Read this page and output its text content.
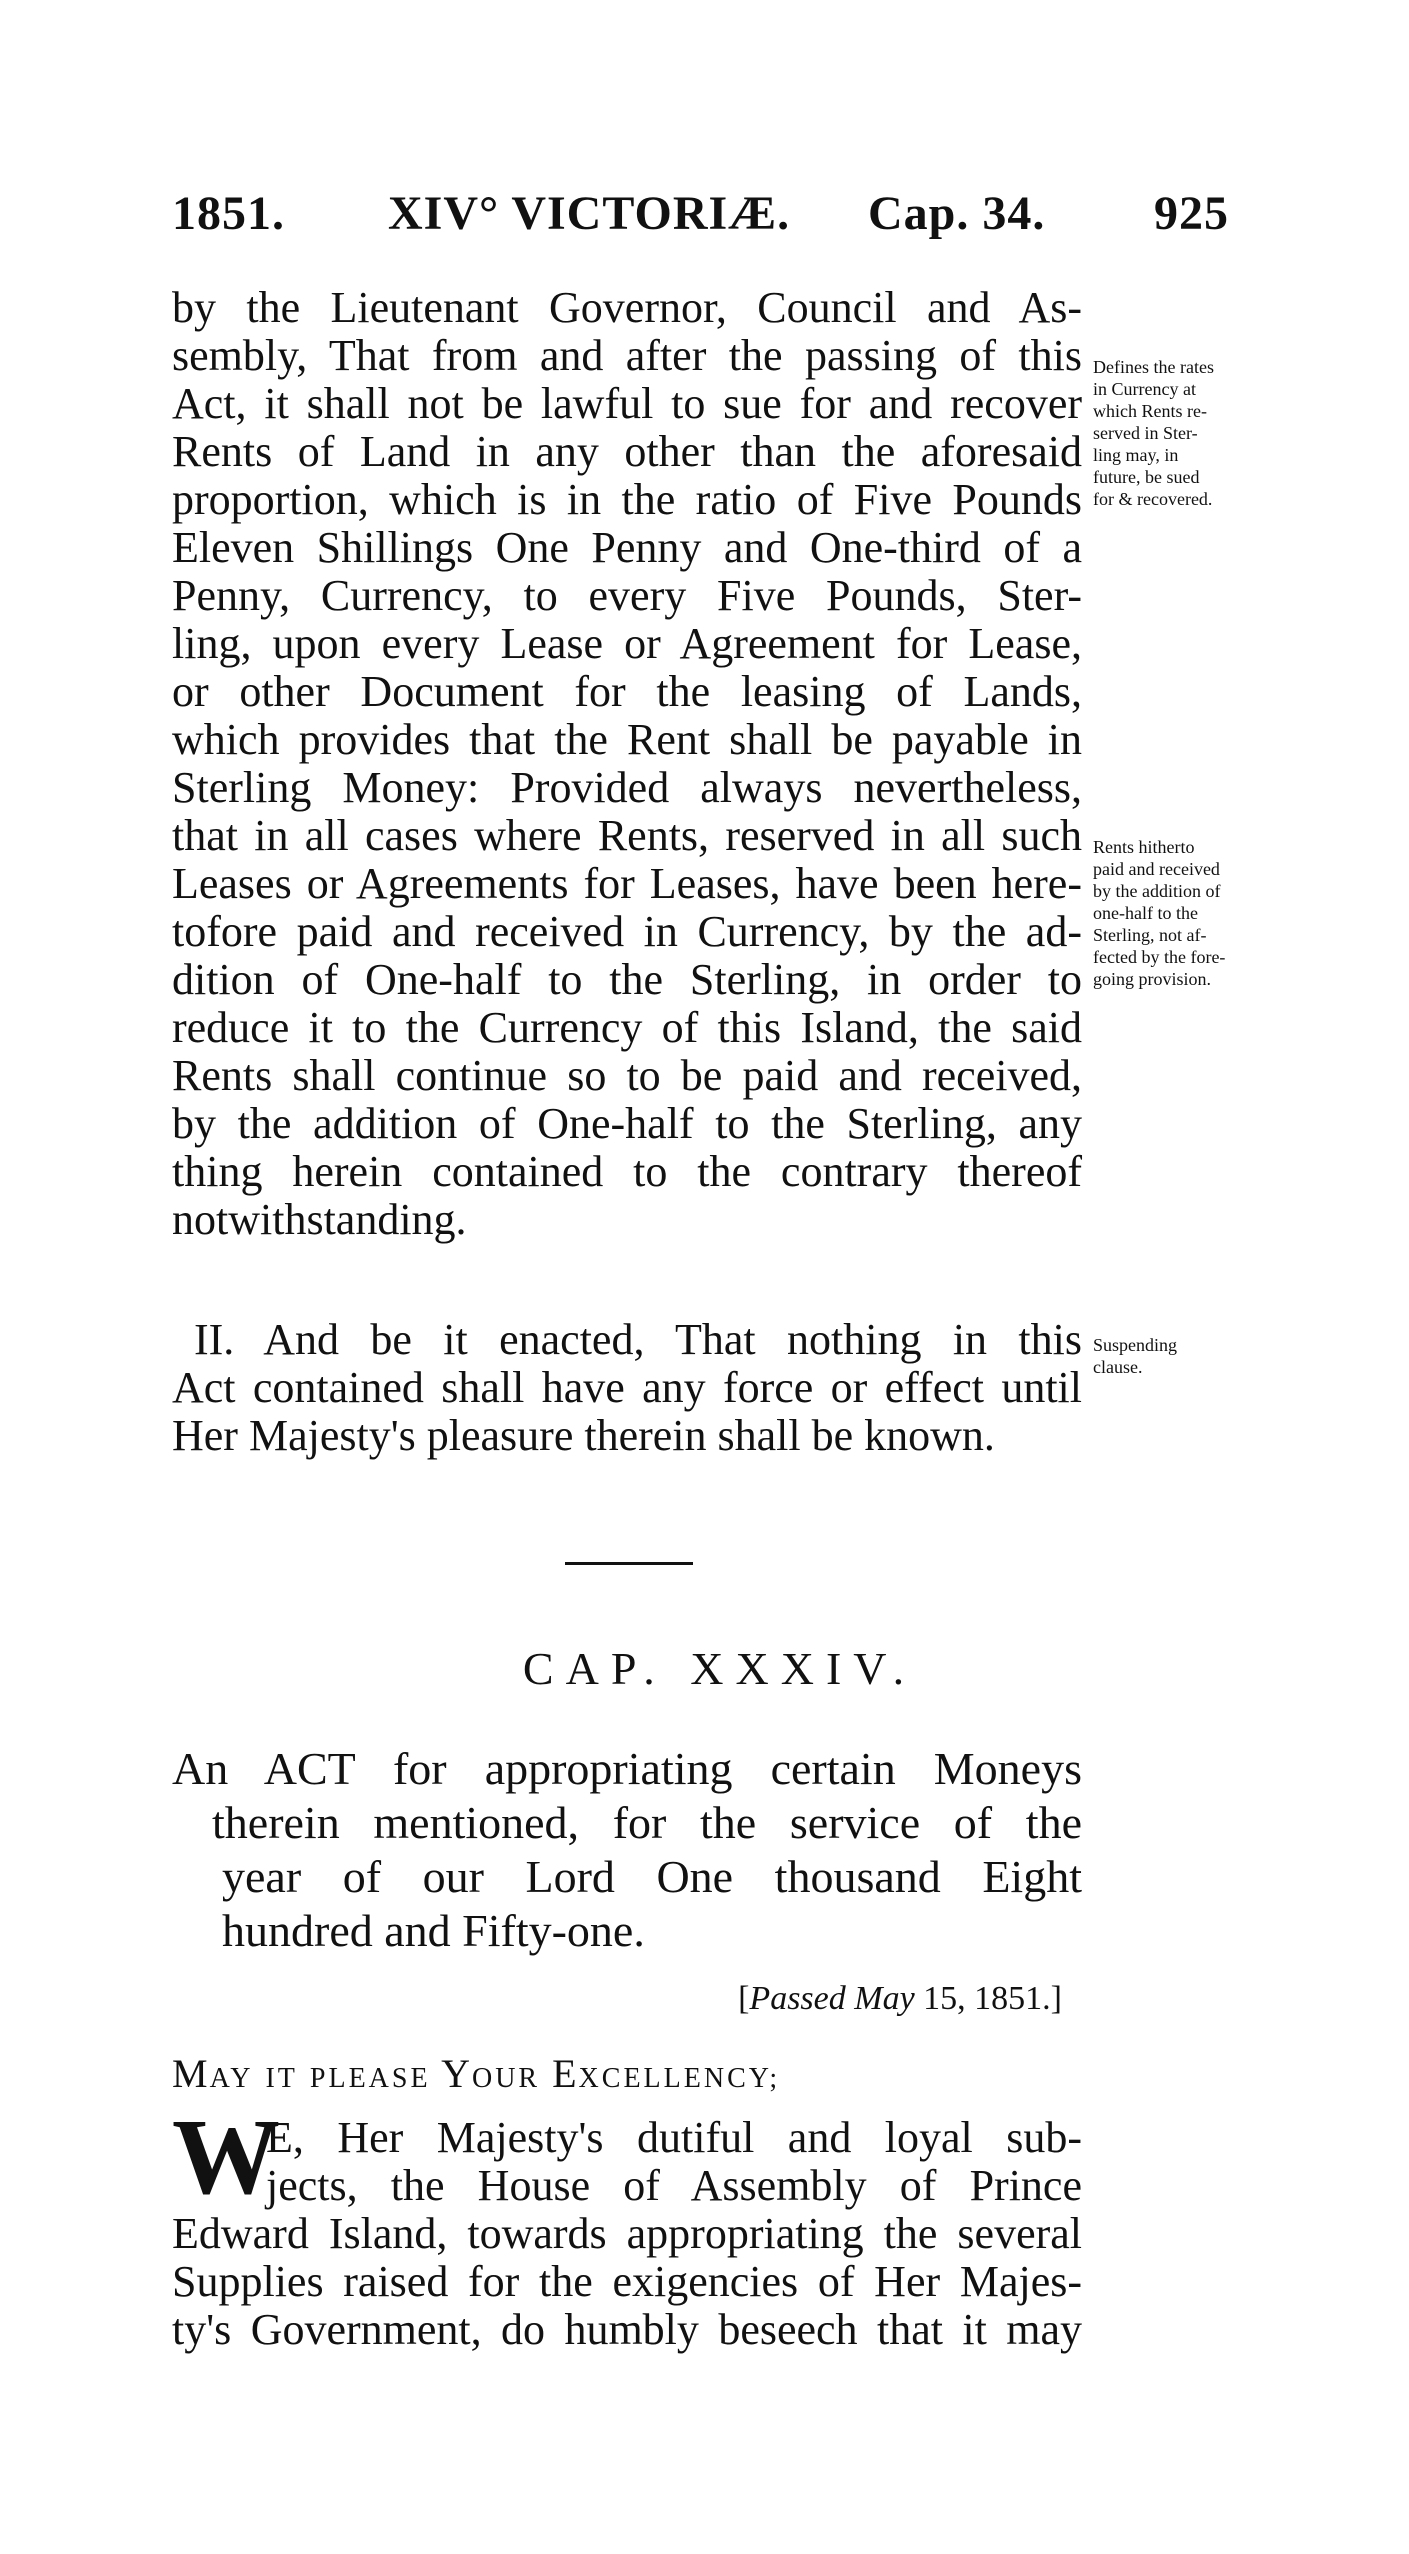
1851. XIV° VICTORIÆ. Cap. 34. 925
by the Lieutenant Governor, Council and As-
sembly, That from and after the passing of this
Act, it shall not be lawful to sue for and recover
Rents of Land in any other than the aforesaid
proportion, which is in the ratio of Five Pounds
Eleven Shillings One Penny and One-third of a
Penny, Currency, to every Five Pounds, Ster-
ling, upon every Lease or Agreement for Lease,
or other Document for the leasing of Lands,
which provides that the Rent shall be payable in
Sterling Money: Provided always nevertheless,
that in all cases where Rents, reserved in all such
Leases or Agreements for Leases, have been here-
tofore paid and received in Currency, by the ad-
dition of One-half to the Sterling, in order to
reduce it to the Currency of this Island, the said
Rents shall continue so to be paid and received,
by the addition of One-half to the Sterling, any
thing herein contained to the contrary thereof
notwithstanding.
Defines the rates
in Currency at
which Rents re-
served in Ster-
ling may, in
future, be sued
for & recovered.
Rents hitherto
paid and received
by the addition of
one-half to the
Sterling, not af-
fected by the fore-
going provision.
Suspending
clause.
II. And be it enacted, That nothing in this
Act contained shall have any force or effect until
Her Majesty's pleasure therein shall be known.
CAP. XXXIV.
An ACT for appropriating certain Moneys
therein mentioned, for the service of the
year of our Lord One thousand Eight
hundred and Fifty-one.
[Passed May 15, 1851.]
MAY IT PLEASE YOUR EXCELLENCY;
W
E, Her Majesty's dutiful and loyal sub-
jects, the House of Assembly of Prince
Edward Island, towards appropriating the several
Supplies raised for the exigencies of Her Majes-
ty's Government, do humbly beseech that it may
